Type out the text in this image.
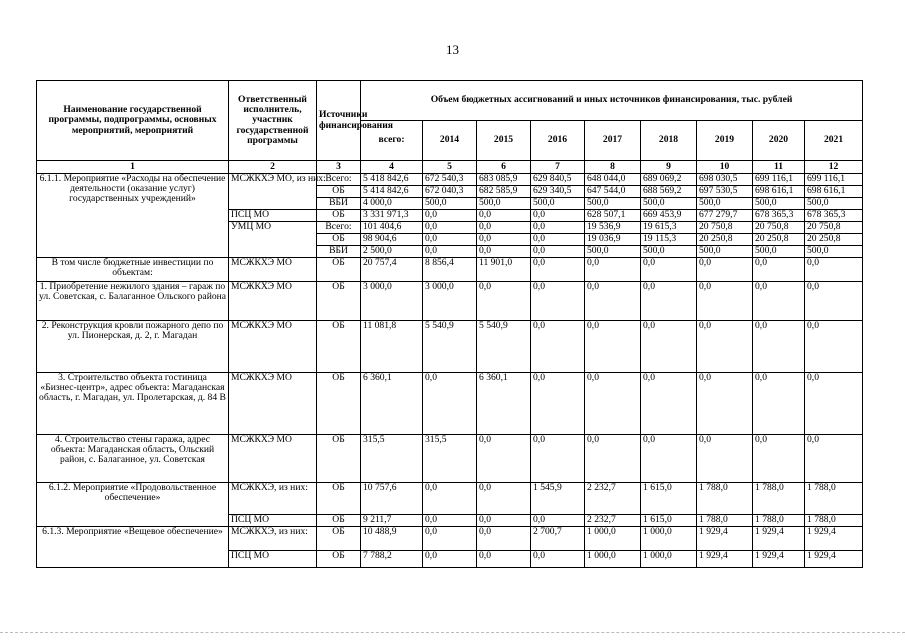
13
Наименование государственной программы, подпрограммы, основных мероприятий, мероприятий	Ответственный исполнитель, участник государственной программы	Источники финансирования	Объем бюджетных ассигнований и иных источников финансирования, тыс. рублей								
			всего:	2014	2015	2016	2017	2018	2019	2020	2021
1	2	3	4	5	6	7	8	9	10	11	12
6.1.1. Мероприятие «Расходы на обеспечение деятельности (оказание услуг) государственных учреждений»	МСЖКХЭ МО, из них:	Всего:	5 418 842,6	672 540,3	683 085,9	629 840,5	648 044,0	689 069,2	698 030,5	699 116,1	699 116,1
		ОБ	5 414 842,6	672 040,3	682 585,9	629 340,5	647 544,0	688 569,2	697 530,5	698 616,1	698 616,1
		ВБИ	4 000,0	500,0	500,0	500,0	500,0	500,0	500,0	500,0	500,0
	ПСЦ МО	ОБ	3 331 971,3	0,0	0,0	0,0	628 507,1	669 453,9	677 279,7	678 365,3	678 365,3
	УМЦ МО	Всего:	101 404,6	0,0	0,0	0,0	19 536,9	19 615,3	20 750,8	20 750,8	20 750,8
		ОБ	98 904,6	0,0	0,0	0,0	19 036,9	19 115,3	20 250,8	20 250,8	20 250,8
		ВБИ	2 500,0	0,0	0,0	0,0	500,0	500,0	500,0	500,0	500,0
В том числе бюджетные инвестиции по объектам:	МСЖКХЭ МО	ОБ	20 757,4	8 856,4	11 901,0	0,0	0,0	0,0	0,0	0,0	0,0
1. Приобретение нежилого здания – гараж по ул. Советская, с. Балаганное Ольского района	МСЖКХЭ МО	ОБ	3 000,0	3 000,0	0,0	0,0	0,0	0,0	0,0	0,0	0,0
2. Реконструкция кровли пожарного депо по ул. Пионерская, д. 2, г. Магадан	МСЖКХЭ МО	ОБ	11 081,8	5 540,9	5 540,9	0,0	0,0	0,0	0,0	0,0	0,0
3. Строительство объекта гостиница «Бизнес-центр», адрес объекта: Магаданская область, г. Магадан, ул. Пролетарская, д. 84 В	МСЖКХЭ МО	ОБ	6 360,1	0,0	6 360,1	0,0	0,0	0,0	0,0	0,0	0,0
4. Строительство стены гаража, адрес объекта: Магаданская область, Ольский район, с. Балаганное, ул. Советская	МСЖКХЭ МО	ОБ	315,5	315,5	0,0	0,0	0,0	0,0	0,0	0,0	0,0
6.1.2. Мероприятие «Продовольственное обеспечение»	МСЖКХЭ, из них:	ОБ	10 757,6	0,0	0,0	1 545,9	2 232,7	1 615,0	1 788,0	1 788,0	1 788,0
	ПСЦ МО	ОБ	9 211,7	0,0	0,0	0,0	2 232,7	1 615,0	1 788,0	1 788,0	1 788,0
6.1.3. Мероприятие «Вещевое обеспечение»	МСЖКХЭ, из них:	ОБ	10 488,9	0,0	0,0	2 700,7	1 000,0	1 000,0	1 929,4	1 929,4	1 929,4
	ПСЦ МО	ОБ	7 788,2	0,0	0,0	0,0	1 000,0	1 000,0	1 929,4	1 929,4	1 929,4
